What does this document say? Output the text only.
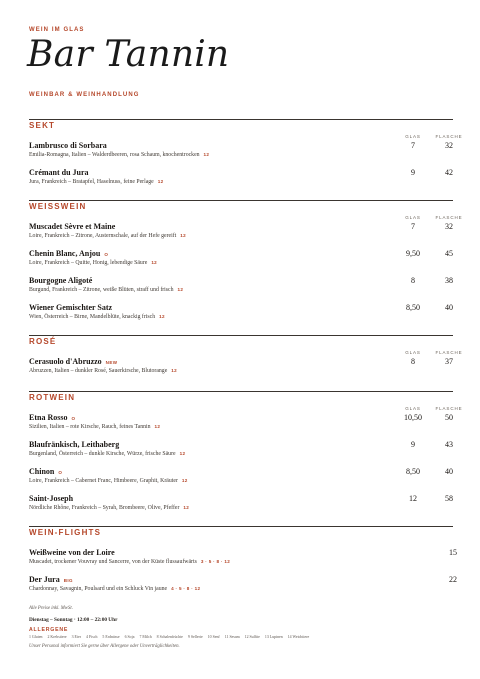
WEIN IM GLAS
Bar Tannin
WEINBAR & WEINHANDLUNG
SEKT
GLAS	FLASCHE
Lambrusco di Sorbara
Emilia-Romagna, Italien – Walderdbeeren, rosa Schaum, knochentrocken 12
7	32
Crémant du Jura
Jura, Frankreich – Bratapfel, Haselnuss, feine Perlage 12
9	42
WEISSWEIN
GLAS	FLASCHE
Muscadet Sèvre et Maine
Loire, Frankreich – Zitrone, Austernschale, auf der Hefe gereift 12
7	32
Chenin Blanc, Anjou O
Loire, Frankreich – Quitte, Honig, lebendige Säure 12
9,50	45
Bourgogne Aligoté
Burgund, Frankreich – Zitrone, weiße Blüten, straff und frisch 12
8	38
Wiener Gemischter Satz
Wien, Österreich – Birne, Mandelblüte, knackig frisch 12
8,50	40
ROSÉ
GLAS	FLASCHE
Cerasuolo d'Abruzzo NEW
Abruzzen, Italien – dunkler Rosé, Sauerkirsche, Blutorange 12
8	37
ROTWEIN
GLAS	FLASCHE
Etna Rosso O
Sizilien, Italien – rote Kirsche, Rauch, feines Tannin 12
10,50	50
Blaufränkisch, Leithaberg
Burgenland, Österreich – dunkle Kirsche, Würze, frische Säure 12
9	43
Chinon O
Loire, Frankreich – Cabernet Franc, Himbeere, Graphit, Kräuter 12
8,50	40
Saint-Joseph
Nördliche Rhône, Frankreich – Syrah, Brombeere, Olive, Pfeffer 12
12	58
WEIN-FLIGHTS
Weißweine von der Loire
Muscadet, trockener Vouvray und Sancerre, von der Küste flussaufwärts 3 · 5 · 8 · 12
15
Der Jura BIG
Chardonnay, Savagnin, Poulsard und ein Schluck Vin jaune 4 · 5 · 8 · 12
22
Alle Preise inkl. MwSt.
Dienstag – Sonntag · 12:00 – 22:00 Uhr
ALLERGENE
1 Gluten 2 Krebstiere 3 Eier 4 Fisch 5 Erdnüsse 6 Soja 7 Milch 8 Schalenfrüchte 9 Sellerie 10 Senf 11 Sesam 12 Sulfite 13 Lupinen 14 Weichtiere
Unser Personal informiert Sie gerne über Allergene oder Unverträglichkeiten.
